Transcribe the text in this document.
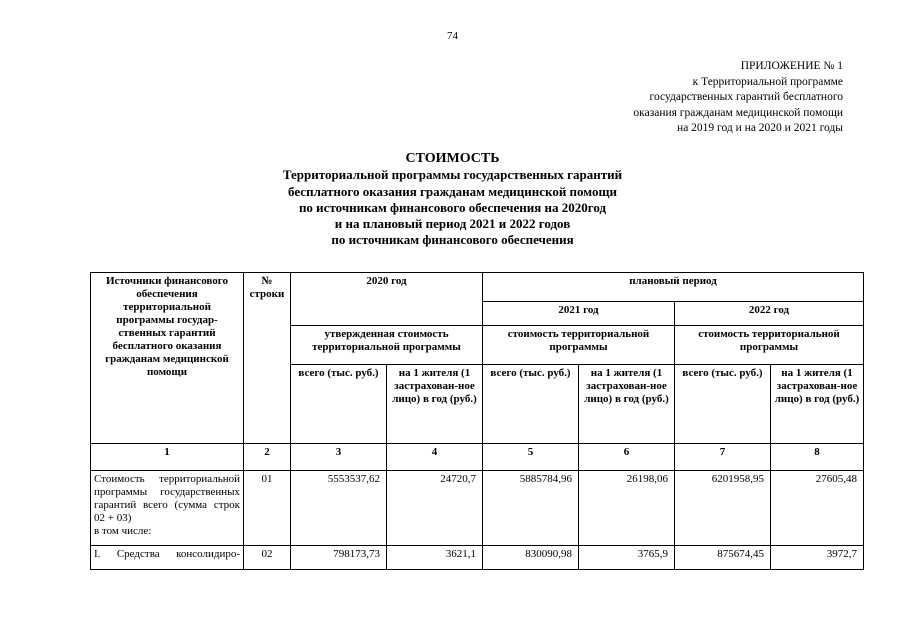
74
ПРИЛОЖЕНИЕ № 1
к Территориальной программе
государственных гарантий бесплатного
оказания гражданам медицинской помощи
на 2019 год и на 2020 и 2021 годы
СТОИМОСТЬ
Территориальной программы государственных гарантий
бесплатного оказания гражданам медицинской помощи
по источникам финансового обеспечения на 2020год
и на плановый период 2021 и 2022 годов
по источникам финансового обеспечения
Источники финансового обеспечения территориальной программы государ-ственных гарантий бесплатного оказания гражданам медицинской помощи	№ строки	2020 год		плановый период			
				2021 год		2022 год	
		утвержденная стоимость территориальной программы		стоимость территориальной программы		стоимость территориальной программы	
		всего (тыс. руб.)	на 1 жителя (1 застрахован-ное лицо) в год (руб.)	всего (тыс. руб.)	на 1 жителя (1 застрахован-ное лицо) в год (руб.)	всего (тыс. руб.)	на 1 жителя (1 застрахован-ное лицо) в год (руб.)
1	2	3	4	5	6	7	8

Стоимость территориальной программы государственных гарантий всего (сумма строк 02 + 03)
в том числе:	01	5553537,62	24720,7	5885784,96	26198,06	6201958,95	27605,48
I. Средства консолидиро-	02	798173,73	3621,1	830090,98	3765,9	875674,45	3972,7
